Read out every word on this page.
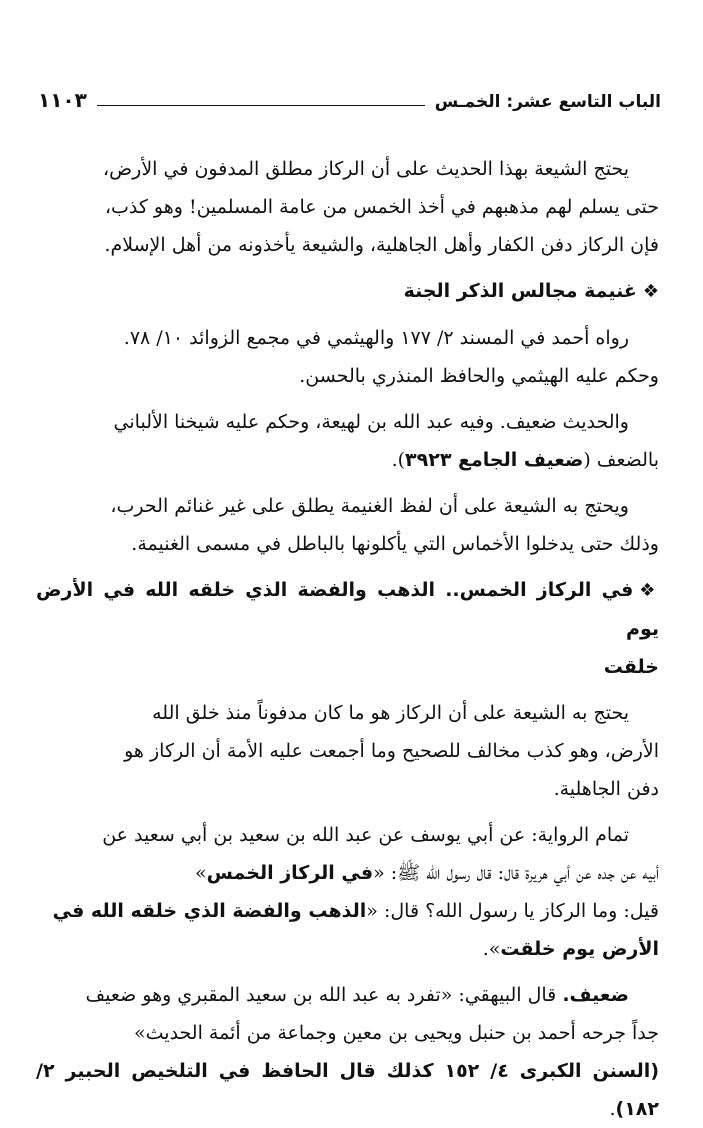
الباب التاسع عشر: الخمـس
١١٠٣

يحتج الشيعة بهذا الحديث على أن الركاز مطلق المدفون في الأرض،
حتى يسلم لهم مذهبهم في أخذ الخمس من عامة المسلمين! وهو كذب،
فإن الركاز دفن الكفار وأهل الجاهلية، والشيعة يأخذونه من أهل الإسلام.

❖غنيمة مجالس الذكر الجنة

رواه أحمد في المسند ٢/ ١٧٧ والهيثمي في مجمع الزوائد ١٠/ ٧٨.
وحكم عليه الهيثمي والحافظ المنذري بالحسن.

والحديث ضعيف. وفيه عبد الله بن لهيعة، وحكم عليه شيخنا الألباني
بالضعف (ضعيف الجامع ٣٩٢٣).

ويحتج به الشيعة على أن لفظ الغنيمة يطلق على غير غنائم الحرب،
وذلك حتى يدخلوا الأخماس التي يأكلونها بالباطل في مسمى الغنيمة.

❖في الركاز الخمس.. الذهب والفضة الذي خلقه الله في الأرض يوم
خلقت

يحتج به الشيعة على أن الركاز هو ما كان مدفوناً منذ خلق الله
الأرض، وهو كذب مخالف للصحيح وما أجمعت عليه الأمة أن الركاز هو
دفن الجاهلية.

تمام الرواية: عن أبي يوسف عن عبد الله بن سعيد بن أبي سعيد عن
أبيه عن جده عن أبي هريرة قال: قال رسول الله ﷺ: «في الركاز الخمس»
قيل: وما الركاز يا رسول الله؟ قال: «الذهب والفضة الذي خلقه الله في
الأرض يوم خلقت».

ضعيف. قال البيهقي: «تفرد به عبد الله بن سعيد المقبري وهو ضعيف
جداً جرحه أحمد بن حنبل ويحيى بن معين وجماعة من أئمة الحديث»
(السنن الكبرى ٤/ ١٥٢ كذلك قال الحافظ في التلخيص الحبير ٢/ ١٨٢).
